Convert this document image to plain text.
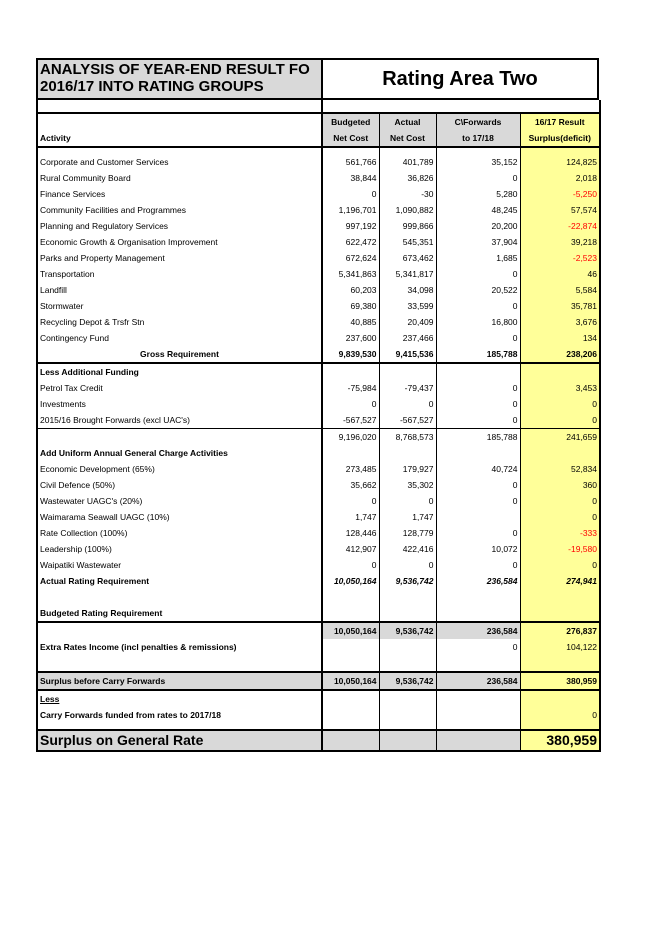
ANALYSIS OF YEAR-END RESULT FO
2016/17 INTO RATING GROUPS	Rating Area Two

	Budgeted	Actual	C\Forwards	16/17 Result
Activity	Net Cost	Net Cost	to 17/18	Surplus(deficit)

Corporate and Customer Services	561,766	401,789	35,152	124,825
Rural Community Board	38,844	36,826	0	2,018
Finance Services	0	-30	5,280	-5,250
Community Facilities and Programmes	1,196,701	1,090,882	48,245	57,574
Planning and Regulatory Services	997,192	999,866	20,200	-22,874
Economic Growth & Organisation Improvement	622,472	545,351	37,904	39,218
Parks and Property Management	672,624	673,462	1,685	-2,523
Transportation	5,341,863	5,341,817	0	46
Landfill	60,203	34,098	20,522	5,584
Stormwater	69,380	33,599	0	35,781
Recycling Depot & Trsfr Stn	40,885	20,409	16,800	3,676
Contingency Fund	237,600	237,466	0	134
Gross Requirement	9,839,530	9,415,536	185,788	238,206
Less Additional Funding				
Petrol Tax Credit	-75,984	-79,437	0	3,453
Investments	0	0	0	0
2015/16 Brought Forwards (excl UAC's)	-567,527	-567,527	0	0
	9,196,020	8,768,573	185,788	241,659
Add Uniform Annual General Charge Activities				
Economic Development (65%)	273,485	179,927	40,724	52,834
Civil Defence (50%)	35,662	35,302	0	360
Wastewater UAGC's (20%)	0	0	0	0
Waimarama Seawall UAGC (10%)	1,747	1,747		0
Rate Collection (100%)	128,446	128,779	0	-333
Leadership (100%)	412,907	422,416	10,072	-19,580
Waipatiki Wastewater	0	0	0	0
Actual Rating Requirement	10,050,164	9,536,742	236,584	274,941

Budgeted Rating Requirement				
	10,050,164	9,536,742	236,584	276,837
Extra Rates Income (incl penalties & remissions)			0	104,122

Surplus before Carry Forwards	10,050,164	9,536,742	236,584	380,959
Less				
Carry Forwards funded from rates to 2017/18				0

Surplus on General Rate				380,959
